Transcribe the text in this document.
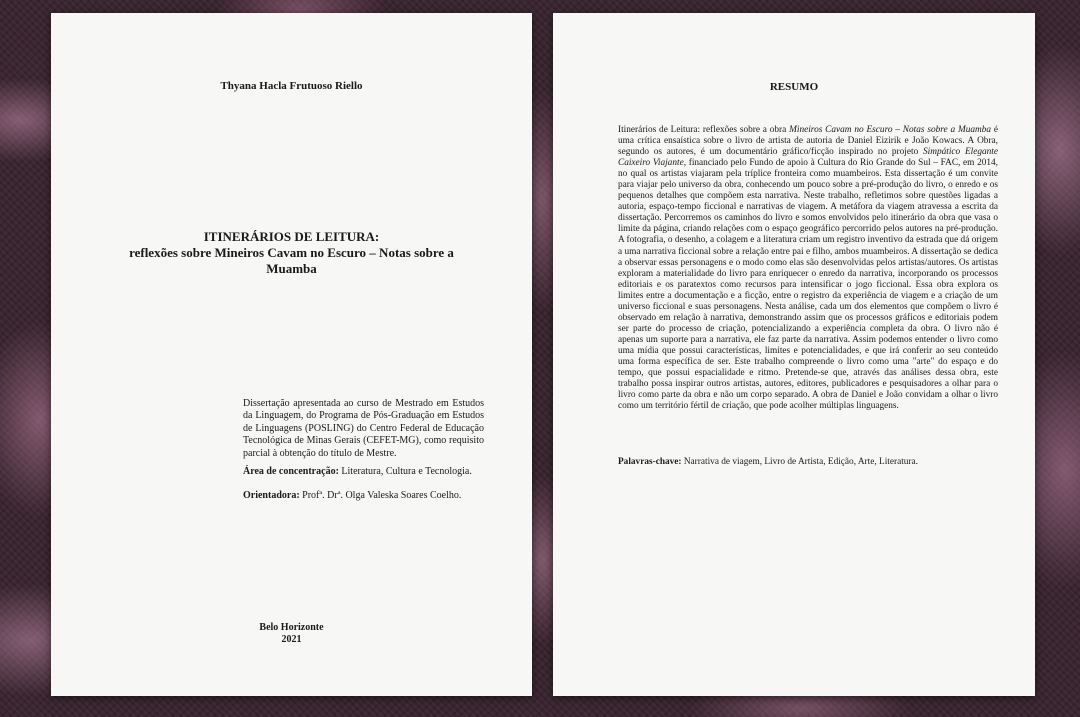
Thyana Hacla Frutuoso Riello
ITINERÁRIOS DE LEITURA:
reflexões sobre Mineiros Cavam no Escuro – Notas sobre a Muamba
Dissertação apresentada ao curso de Mestrado em Estudos da Linguagem, do Programa de Pós-Graduação em Estudos de Linguagens (POSLING) do Centro Federal de Educação Tecnológica de Minas Gerais (CEFET-MG), como requisito parcial à obtenção do título de Mestre.
Área de concentração: Literatura, Cultura e Tecnologia.
Orientadora: Profª. Drª. Olga Valeska Soares Coelho.
Belo Horizonte
2021
RESUMO
Itinerários de Leitura: reflexões sobre a obra Mineiros Cavam no Escuro – Notas sobre a Muamba é uma crítica ensaística sobre o livro de artista de autoria de Daniel Eizirik e João Kowacs. A Obra, segundo os autores, é um documentário gráfico/ficção inspirado no projeto Simpático Elegante Caixeiro Viajante, financiado pelo Fundo de apoio à Cultura do Rio Grande do Sul – FAC, em 2014, no qual os artistas viajaram pela tríplice fronteira como muambeiros. Esta dissertação é um convite para viajar pelo universo da obra, conhecendo um pouco sobre a pré-produção do livro, o enredo e os pequenos detalhes que compõem esta narrativa. Neste trabalho, refletimos sobre questões ligadas a autoria, espaço-tempo ficcional e narrativas de viagem. A metáfora da viagem atravessa a escrita da dissertação. Percorremos os caminhos do livro e somos envolvidos pelo itinerário da obra que vasa o limite da página, criando relações com o espaço geográfico percorrido pelos autores na pré-produção. A fotografia, o desenho, a colagem e a literatura criam um registro inventivo da estrada que dá origem a uma narrativa ficcional sobre a relação entre pai e filho, ambos muambeiros. A dissertação se dedica a observar essas personagens e o modo como elas são desenvolvidas pelos artistas/autores. Os artistas exploram a materialidade do livro para enriquecer o enredo da narrativa, incorporando os processos editoriais e os paratextos como recursos para intensificar o jogo ficcional. Essa obra explora os limites entre a documentação e a ficção, entre o registro da experiência de viagem e a criação de um universo ficcional e suas personagens. Nesta análise, cada um dos elementos que compõem o livro é observado em relação à narrativa, demonstrando assim que os processos gráficos e editoriais podem ser parte do processo de criação, potencializando a experiência completa da obra. O livro não é apenas um suporte para a narrativa, ele faz parte da narrativa. Assim podemos entender o livro como uma mídia que possui características, limites e potencialidades, e que irá conferir ao seu conteúdo uma forma específica de ser. Este trabalho compreende o livro como uma "arte" do espaço e do tempo, que possui espacialidade e ritmo. Pretende-se que, através das análises dessa obra, este trabalho possa inspirar outros artistas, autores, editores, publicadores e pesquisadores a olhar para o livro como parte da obra e não um corpo separado. A obra de Daniel e João convidam a olhar o livro como um território fértil de criação, que pode acolher múltiplas linguagens.
Palavras-chave: Narrativa de viagem, Livro de Artista, Edição, Arte, Literatura.
